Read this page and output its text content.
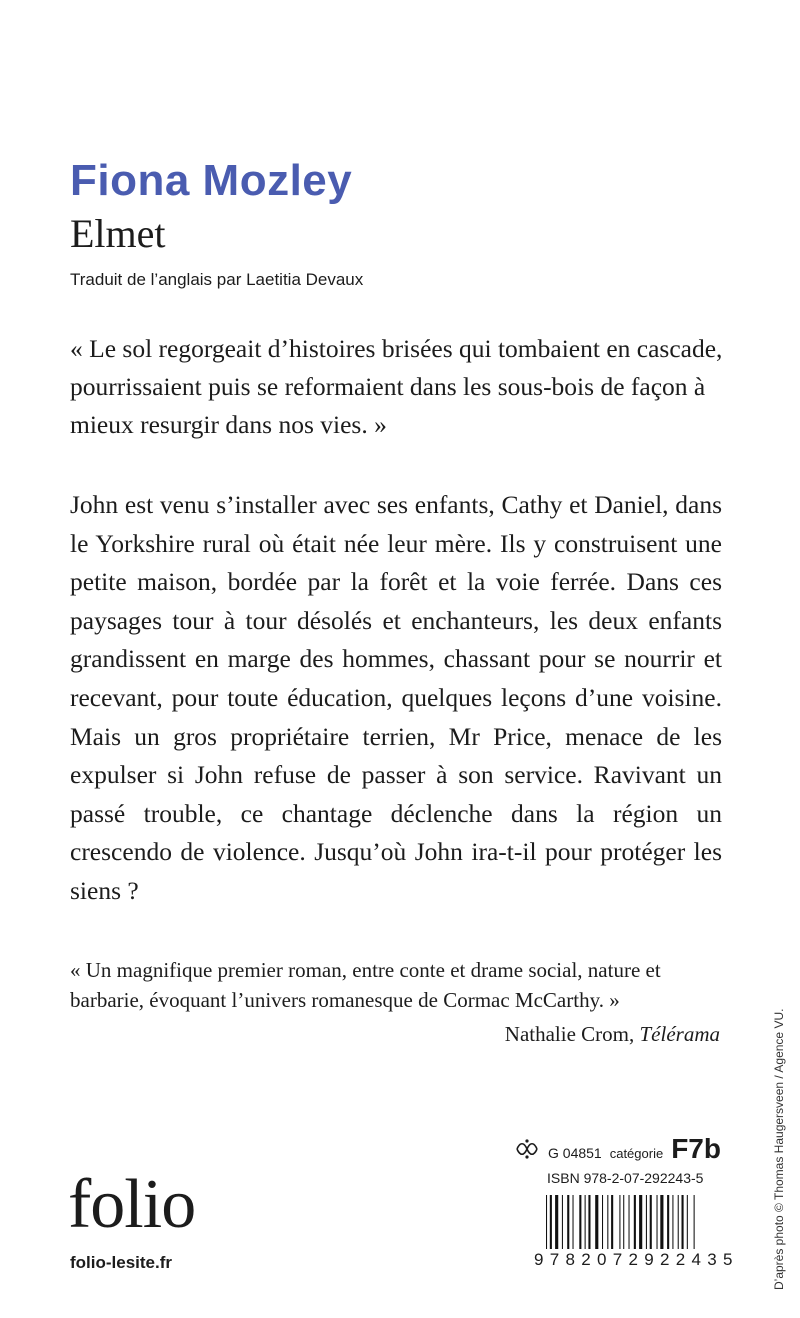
Fiona Mozley
Elmet
Traduit de l’anglais par Laetitia Devaux

« Le sol regorgeait d’histoires brisées qui tombaient en cascade, pourrissaient puis se reformaient dans les sous-bois de façon à mieux resurgir dans nos vies. »

John est venu s’installer avec ses enfants, Cathy et Daniel, dans le Yorkshire rural où était née leur mère. Ils y construisent une petite maison, bordée par la forêt et la voie ferrée. Dans ces paysages tour à tour désolés et enchanteurs, les deux enfants grandissent en marge des hommes, chassant pour se nourrir et recevant, pour toute éducation, quelques leçons d’une voisine. Mais un gros propriétaire terrien, Mr Price, menace de les expulser si John refuse de passer à son service. Ravivant un passé trouble, ce chantage déclenche dans la région un crescendo de violence. Jusqu’où John ira-t-il pour protéger les siens ?

« Un magnifique premier roman, entre conte et drame social, nature et barbarie, évoquant l’univers romanesque de Cormac McCarthy. »

Nathalie Crom, Télérama
G 04851 catégorie F7b
ISBN 978-2-07-292243-5
9782072922435
folio
folio-lesite.fr	D’après photo © Thomas Haugersveen / Agence VU.
